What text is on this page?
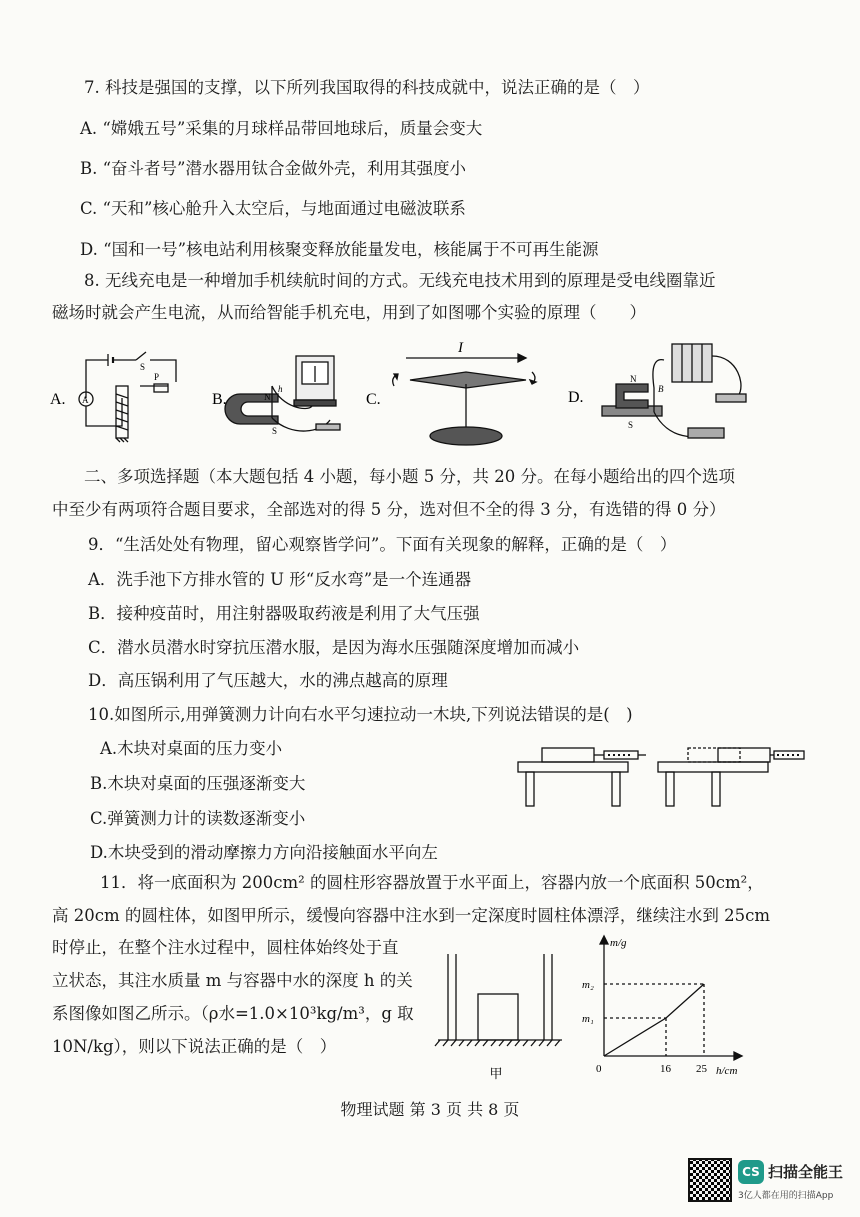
7. 科技是强国的支撑，以下所列我国取得的科技成就中，说法正确的是（　）
A. “嫦娥五号”采集的月球样品带回地球后，质量会变大
B. “奋斗者号”潜水器用钛合金做外壳，利用其强度小
C. “天和”核心舱升入太空后，与地面通过电磁波联系
D. “国和一号”核电站利用核聚变释放能量发电，核能属于不可再生能源
8. 无线充电是一种增加手机续航时间的方式。无线充电技术用到的原理是受电线圈靠近
磁场时就会产生电流，从而给智能手机充电，用到了如图哪个实验的原理（　　）
A. A
S
P
B.	N
h
S
C.
I
D.
N
B
S
二、多项选择题（本大题包括 4 小题，每小题 5 分，共 20 分。在每小题给出的四个选项
中至少有两项符合题目要求，全部选对的得 5 分，选对但不全的得 3 分，有选错的得 0 分）
9．“生活处处有物理，留心观察皆学问”。下面有关现象的解释，正确的是（　）
A．洗手池下方排水管的 U 形“反水弯”是一个连通器
B．接种疫苗时，用注射器吸取药液是利用了大气压强
C．潜水员潜水时穿抗压潜水服，是因为海水压强随深度增加而减小
D．高压锅利用了气压越大，水的沸点越高的原理
10.如图所示,用弹簧测力计向右水平匀速拉动一木块,下列说法错误的是(　)
A.木块对桌面的压力变小
B.木块对桌面的压强逐渐变大
C.弹簧测力计的读数逐渐变小
D.木块受到的滑动摩擦力方向沿接触面水平向左
11．将一底面积为 200cm² 的圆柱形容器放置于水平面上，容器内放一个底面积 50cm²，
高 20cm 的圆柱体，如图甲所示，缓慢向容器中注水到一定深度时圆柱体漂浮，继续注水到 25cm
时停止，在整个注水过程中，圆柱体始终处于直
立状态，其注水质量 m 与容器中水的深度 h 的关
系图像如图乙所示。（ρ水=1.0×10³kg/m³，g 取
10N/kg），则以下说法正确的是（　）
甲
m/g
h/cm
m₂
m₁
0	16 25
物理试题 第 3 页 共 8 页
CS 扫描全能王
3亿人都在用的扫描App
